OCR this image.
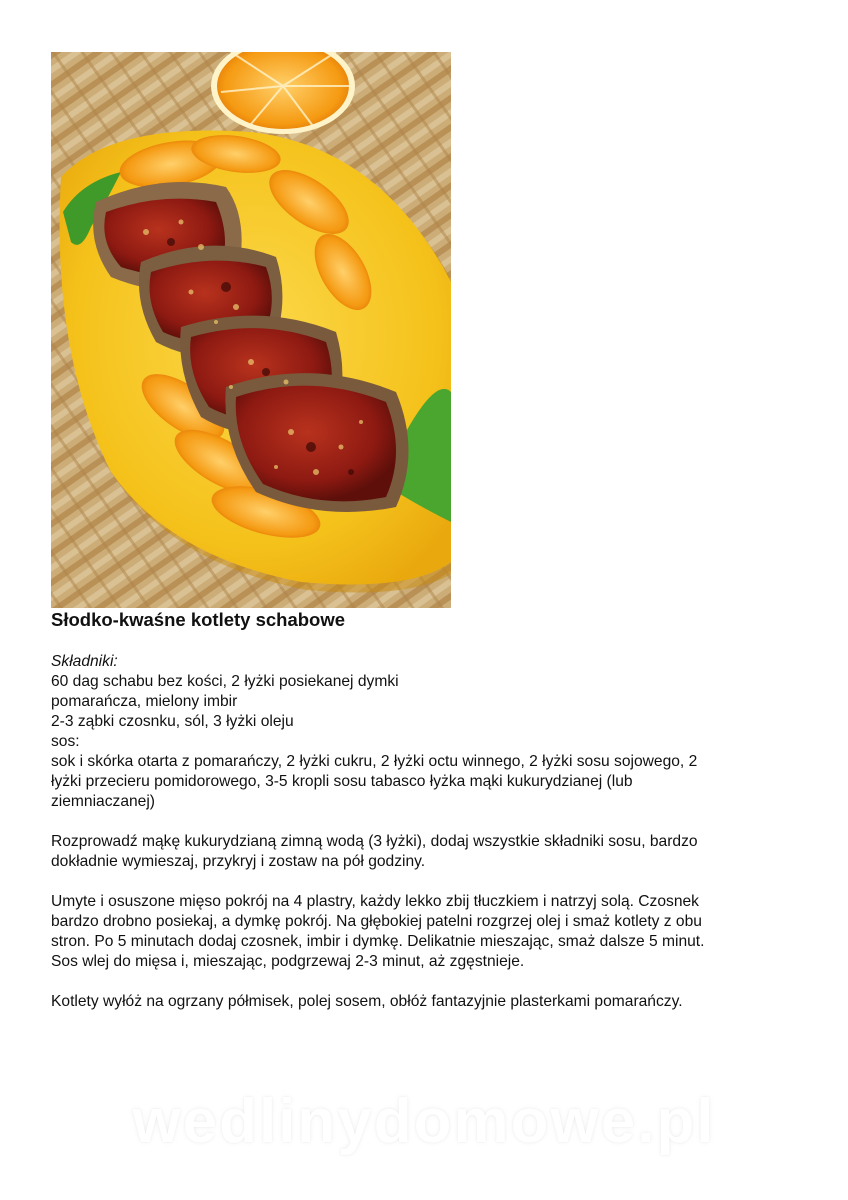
Słodko-kwaśne kotlety schabowe
Składniki:
60 dag schabu bez kości, 2 łyżki posiekanej dymki
pomarańcza, mielony imbir
2-3 ząbki czosnku, sól, 3 łyżki oleju
sos:
sok i skórka otarta z pomarańczy, 2 łyżki cukru, 2 łyżki octu winnego, 2 łyżki sosu sojowego, 2
łyżki przecieru pomidorowego, 3-5 kropli sosu tabasco łyżka mąki kukurydzianej (lub
ziemniaczanej)
Rozprowadź mąkę kukurydzianą zimną wodą (3 łyżki), dodaj wszystkie składniki sosu, bardzo
dokładnie wymieszaj, przykryj i zostaw na pół godziny.
Umyte i osuszone mięso pokrój na 4 plastry, każdy lekko zbij tłuczkiem i natrzyj solą. Czosnek
bardzo drobno posiekaj, a dymkę pokrój. Na głębokiej patelni rozgrzej olej i smaż kotlety z obu
stron. Po 5 minutach dodaj czosnek, imbir i dymkę. Delikatnie mieszając, smaż dalsze 5 minut.
Sos wlej do mięsa i, mieszając, podgrzewaj 2-3 minut, aż zgęstnieje.
Kotlety wyłóż na ogrzany półmisek, polej sosem, obłóż fantazyjnie plasterkami pomarańczy.
wedlinydomowe.pl
